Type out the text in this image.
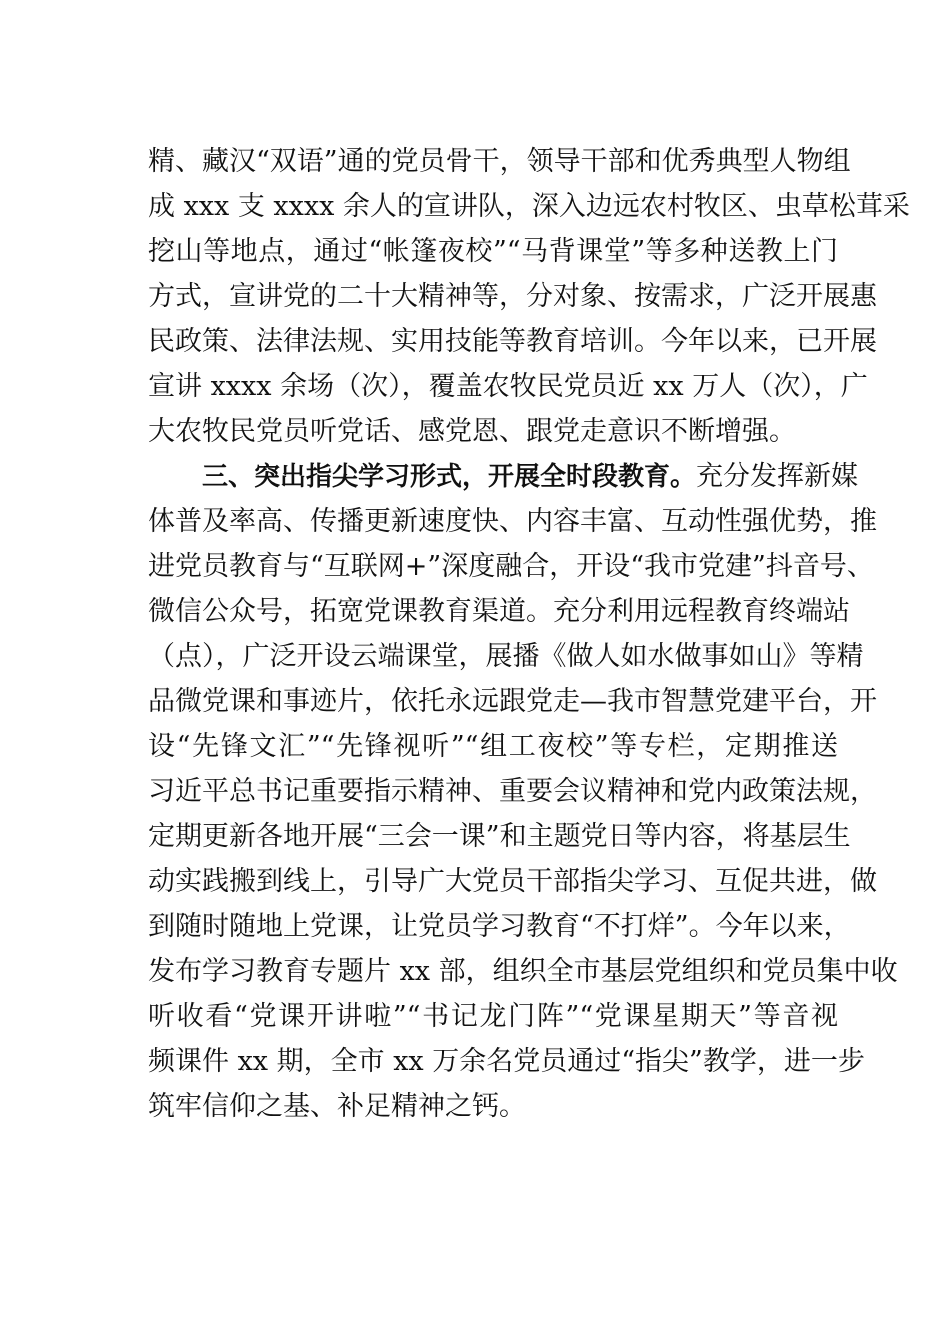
精、藏汉“双语”通的党员骨干，领导干部和优秀典型人物组
成 xxx 支 xxxx 余人的宣讲队，深入边远农村牧区、虫草松茸采
挖山等地点，通过“帐篷夜校”“马背课堂”等多种送教上门
方式，宣讲党的二十大精神等，分对象、按需求，广泛开展惠
民政策、法律法规、实用技能等教育培训。今年以来，已开展
宣讲 xxxx 余场（次），覆盖农牧民党员近 xx 万人（次），广
大农牧民党员听党话、感党恩、跟党走意识不断增强。
三、突出指尖学习形式，开展全时段教育。充分发挥新媒
体普及率高、传播更新速度快、内容丰富、互动性强优势，推
进党员教育与“互联网+”深度融合，开设“我市党建”抖音号、
微信公众号，拓宽党课教育渠道。充分利用远程教育终端站
（点），广泛开设云端课堂，展播《做人如水做事如山》等精
品微党课和事迹片，依托永远跟党走—我市智慧党建平台，开
设“先锋文汇”“先锋视听”“组工夜校”等专栏，定期推送
习近平总书记重要指示精神、重要会议精神和党内政策法规，
定期更新各地开展“三会一课”和主题党日等内容，将基层生
动实践搬到线上，引导广大党员干部指尖学习、互促共进，做
到随时随地上党课，让党员学习教育“不打烊”。今年以来，
发布学习教育专题片 xx 部，组织全市基层党组织和党员集中收
听收看“党课开讲啦”“书记龙门阵”“党课星期天”等音视
频课件 xx 期，全市 xx 万余名党员通过“指尖”教学，进一步
筑牢信仰之基、补足精神之钙。
